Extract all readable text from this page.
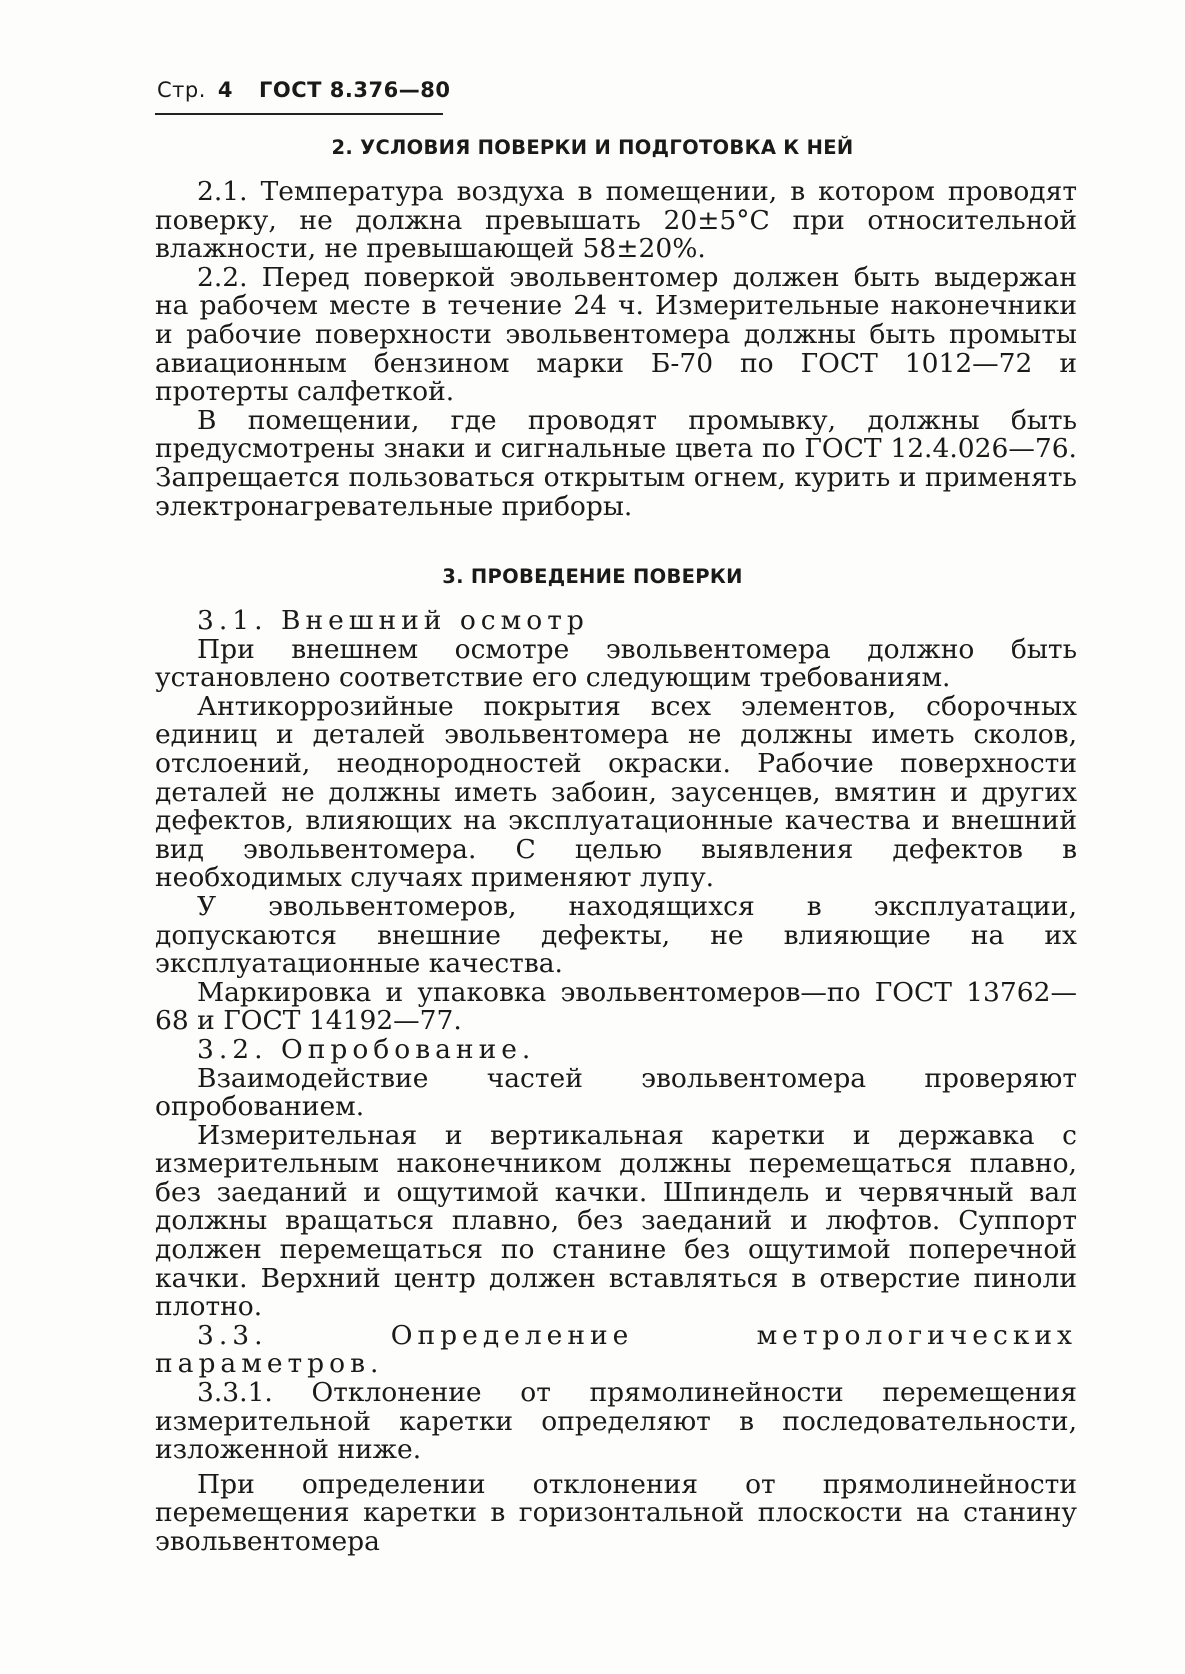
Стр. 4 ГОСТ 8.376—80
2. УСЛОВИЯ ПОВЕРКИ И ПОДГОТОВКА К НЕЙ

2.1. Температура воздуха в помещении, в котором проводят поверку, не должна превышать 20±5°С при относительной влажности, не превышающей 58±20%.

2.2. Перед поверкой эвольвентомер должен быть выдержан на рабочем месте в течение 24 ч. Измерительные наконечники и рабочие поверхности эвольвентомера должны быть промыты авиационным бензином марки Б-70 по ГОСТ 1012—72 и протерты салфеткой.

В помещении, где проводят промывку, должны быть предусмотрены знаки и сигнальные цвета по ГОСТ 12.4.026—76. Запрещается пользоваться открытым огнем, курить и применять электронагревательные приборы.

3. ПРОВЕДЕНИЕ ПОВЕРКИ

3.1. Внешний осмотр

При внешнем осмотре эвольвентомера должно быть установлено соответствие его следующим требованиям.

Антикоррозийные покрытия всех элементов, сборочных единиц и деталей эвольвентомера не должны иметь сколов, отслоений, неоднородностей окраски. Рабочие поверхности деталей не должны иметь забоин, заусенцев, вмятин и других дефектов, влияющих на эксплуатационные качества и внешний вид эвольвентомера. С целью выявления дефектов в необходимых случаях применяют лупу.

У эвольвентомеров, находящихся в эксплуатации, допускаются внешние дефекты, не влияющие на их эксплуатационные качества.

Маркировка и упаковка эвольвентомеров—по ГОСТ 13762—68 и ГОСТ 14192—77.

3.2. Опробование.

Взаимодействие частей эвольвентомера проверяют опробованием.

Измерительная и вертикальная каретки и державка с измерительным наконечником должны перемещаться плавно, без заеданий и ощутимой качки. Шпиндель и червячный вал должны вращаться плавно, без заеданий и люфтов. Суппорт должен перемещаться по станине без ощутимой поперечной качки. Верхний центр должен вставляться в отверстие пиноли плотно.

3.3. Определение метрологических параметров.

3.3.1. Отклонение от прямолинейности перемещения измерительной каретки определяют в последовательности, изложенной ниже.

При определении отклонения от прямолинейности перемещения каретки в горизонтальной плоскости на станину эвольвентомера
